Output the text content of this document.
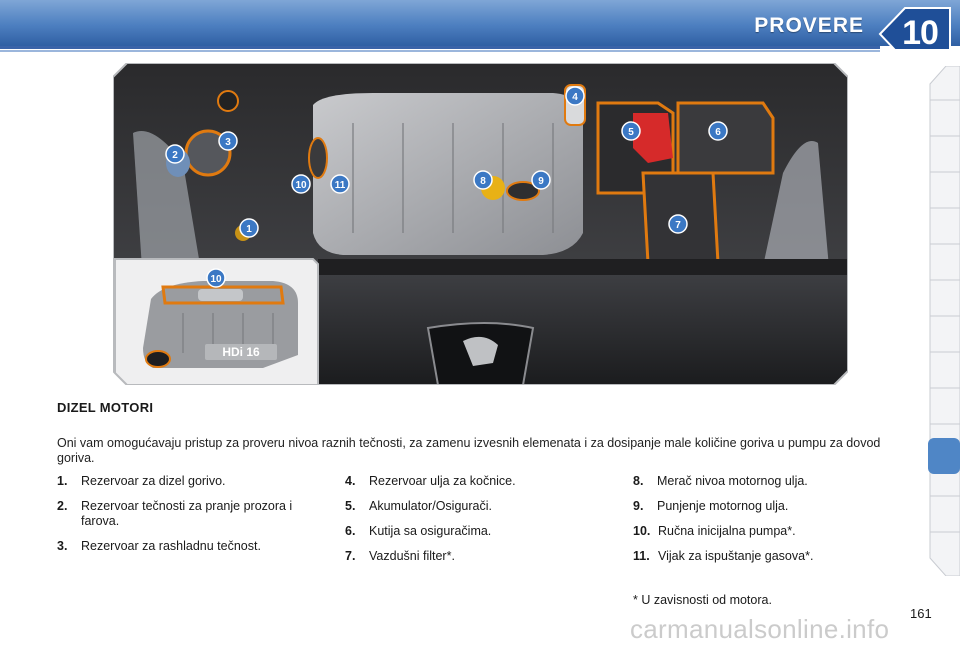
PROVERE 10
HDi 16
10
1
2
3
4
5	6
7
8	9
10	11
DIZEL MOTORI
Oni vam omogućavaju pristup za proveru nivoa raznih tečnosti, za zamenu izvesnih elemenata i za dosipanje male količine goriva u pumpu za dovod goriva.
1.	Rezervoar za dizel gorivo.
2.	Rezervoar tečnosti za pranje prozora i farova.
3.	Rezervoar za rashladnu tečnost.
4.	Rezervoar ulja za kočnice.
5.	Akumulator/Osigurači.
6.	Kutija sa osiguračima.
7.	Vazdušni filter*.
8.	Merač nivoa motornog ulja.
9.	Punjenje motornog ulja.
10. Ručna inicijalna pumpa*.
11. Vijak za ispuštanje gasova*.
* U zavisnosti od motora.
carmanualsonline.info
161
